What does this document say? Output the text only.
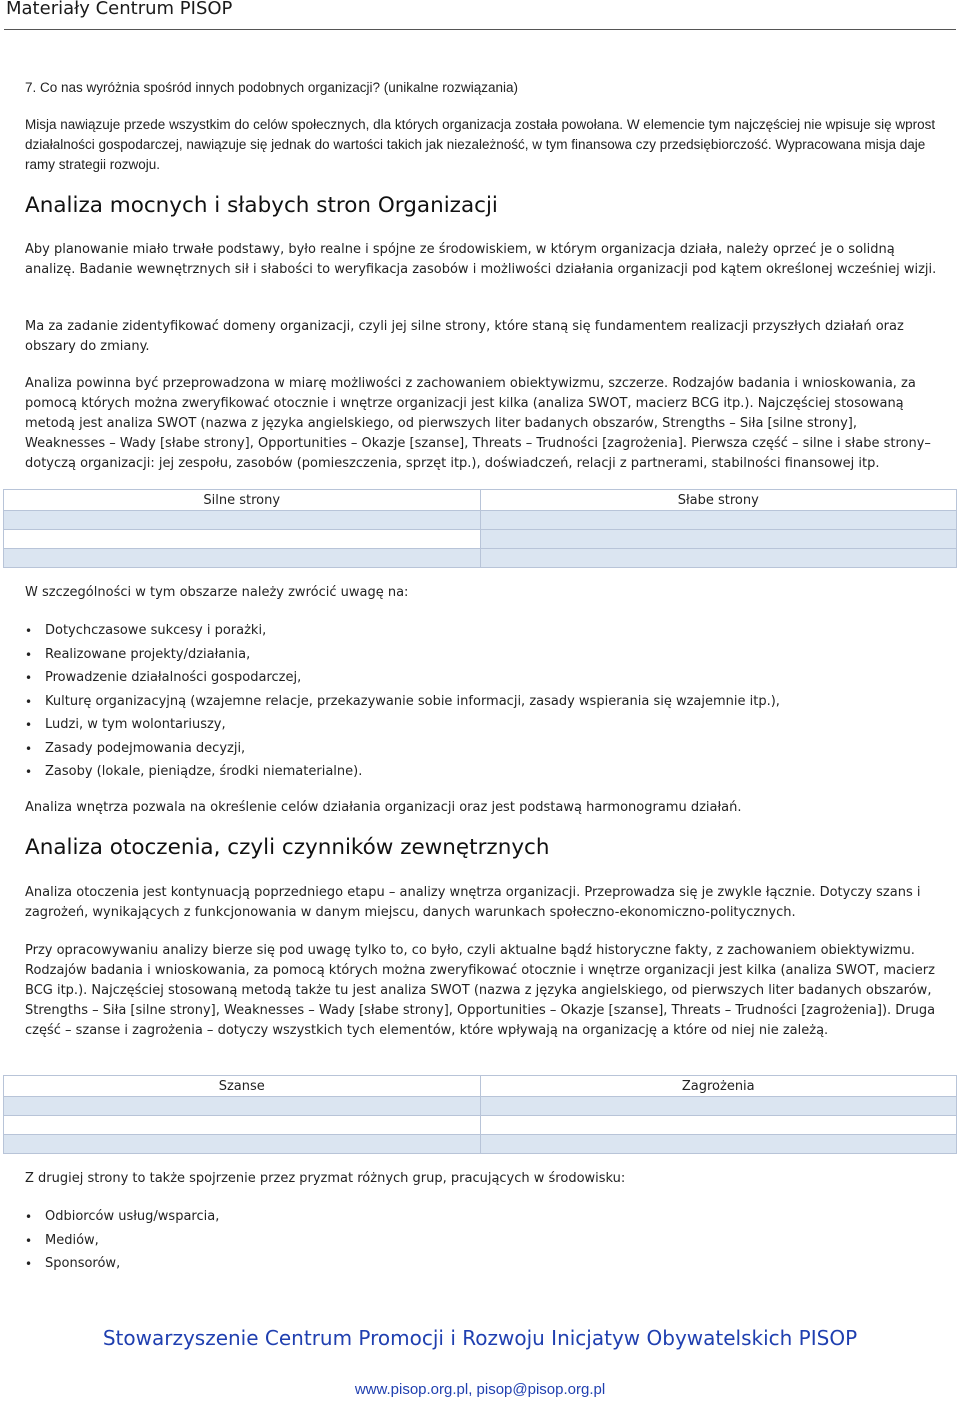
Materiały Centrum PISOP
7. Co nas wyróżnia spośród innych podobnych organizacji? (unikalne rozwiązania)
Misja nawiązuje przede wszystkim do celów społecznych, dla których organizacja została powołana. W elemencie tym najczęściej nie wpisuje się wprost działalności gospodarczej, nawiązuje się jednak do wartości takich jak niezależność, w tym finansowa czy przedsiębiorczość. Wypracowana misja daje ramy strategii rozwoju.
Analiza mocnych i słabych stron Organizacji
Aby planowanie miało trwałe podstawy, było realne i spójne ze środowiskiem, w którym organizacja działa, należy oprzeć je o solidną analizę. Badanie wewnętrznych sił i słabości to weryfikacja zasobów i możliwości działania organizacji pod kątem określonej wcześniej wizji.
Ma za zadanie zidentyfikować domeny organizacji, czyli jej silne strony, które staną się fundamentem realizacji przyszłych działań oraz obszary do zmiany.
Analiza powinna być przeprowadzona w miarę możliwości z zachowaniem obiektywizmu, szczerze. Rodzajów badania i wnioskowania, za pomocą których można zweryfikować otocznie i wnętrze organizacji jest kilka (analiza SWOT, macierz BCG itp.). Najczęściej stosowaną metodą jest analiza SWOT (nazwa z języka angielskiego, od pierwszych liter badanych obszarów, Strengths – Siła [silne strony], Weaknesses – Wady [słabe strony], Opportunities – Okazje [szanse], Threats – Trudności [zagrożenia]. Pierwsza część – silne i słabe strony– dotyczą organizacji: jej zespołu, zasobów (pomieszczenia, sprzęt itp.), doświadczeń, relacji z partnerami, stabilności finansowej itp.
Silne strony	Słabe strony

W szczególności w tym obszarze należy zwrócić uwagę na:
• Dotychczasowe sukcesy i porażki,
• Realizowane projekty/działania,
• Prowadzenie działalności gospodarczej,
• Kulturę organizacyjną (wzajemne relacje, przekazywanie sobie informacji, zasady wspierania się wzajemnie itp.),
• Ludzi, w tym wolontariuszy,
• Zasady podejmowania decyzji,
• Zasoby (lokale, pieniądze, środki niematerialne).
Analiza wnętrza pozwala na określenie celów działania organizacji oraz jest podstawą harmonogramu działań.
Analiza otoczenia, czyli czynników zewnętrznych
Analiza otoczenia jest kontynuacją poprzedniego etapu – analizy wnętrza organizacji. Przeprowadza się je zwykle łącznie. Dotyczy szans i zagrożeń, wynikających z funkcjonowania w danym miejscu, danych warunkach społeczno-ekonomiczno-politycznych.
Przy opracowywaniu analizy bierze się pod uwagę tylko to, co było, czyli aktualne bądź historyczne fakty, z zachowaniem obiektywizmu. Rodzajów badania i wnioskowania, za pomocą których można zweryfikować otocznie i wnętrze organizacji jest kilka (analiza SWOT, macierz BCG itp.). Najczęściej stosowaną metodą także tu jest analiza SWOT (nazwa z języka angielskiego, od pierwszych liter badanych obszarów, Strengths – Siła [silne strony], Weaknesses – Wady [słabe strony], Opportunities – Okazje [szanse], Threats – Trudności [zagrożenia]). Druga część – szanse i zagrożenia – dotyczy wszystkich tych elementów, które wpływają na organizację a które od niej nie zależą.
Szanse	Zagrożenia

Z drugiej strony to także spojrzenie przez pryzmat różnych grup, pracujących w środowisku:
• Odbiorców usług/wsparcia,
• Mediów,
• Sponsorów,
Stowarzyszenie Centrum Promocji i Rozwoju Inicjatyw Obywatelskich PISOP
www.pisop.org.pl, pisop@pisop.org.pl
